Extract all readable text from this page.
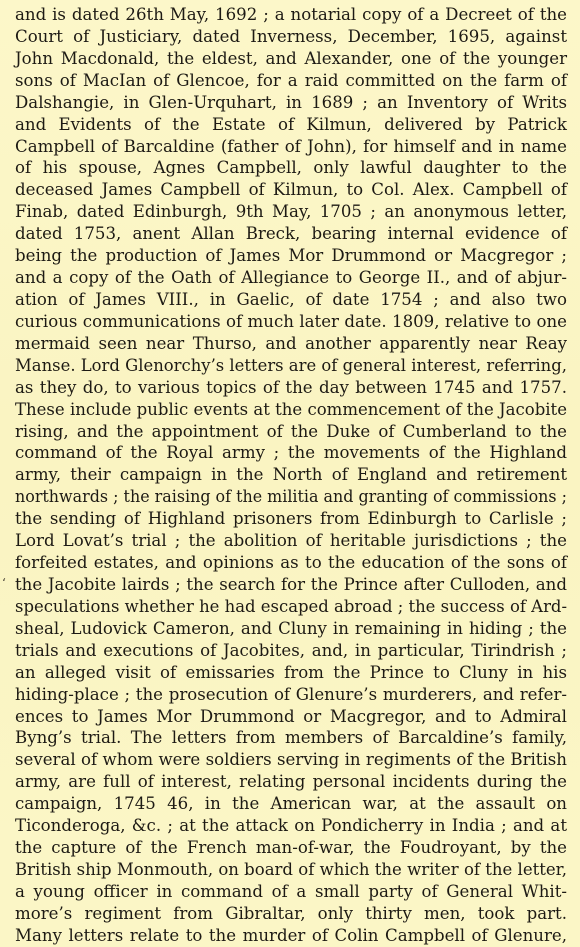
‘
and is dated 26th May, 1692 ; a notarial copy of a Decreet of the
Court of Justiciary, dated Inverness, December, 1695, against
John Macdonald, the eldest, and Alexander, one of the younger
sons of MacIan of Glencoe, for a raid committed on the farm of
Dalshangie, in Glen-Urquhart, in 1689 ; an Inventory of Writs
and Evidents of the Estate of Kilmun, delivered by Patrick
Campbell of Barcaldine (father of John), for himself and in name
of his spouse, Agnes Campbell, only lawful daughter to the
deceased James Campbell of Kilmun, to Col. Alex. Campbell of
Finab, dated Edinburgh, 9th May, 1705 ; an anonymous letter,
dated 1753, anent Allan Breck, bearing internal evidence of
being the production of James Mor Drummond or Macgregor ;
and a copy of the Oath of Allegiance to George II., and of abjur-
ation of James VIII., in Gaelic, of date 1754 ; and also two
curious communications of much later date. 1809, relative to one
mermaid seen near Thurso, and another apparently near Reay
Manse. Lord Glenorchy’s letters are of general interest, referring,
as they do, to various topics of the day between 1745 and 1757.
These include public events at the commencement of the Jacobite
rising, and the appointment of the Duke of Cumberland to the
command of the Royal army ; the movements of the Highland
army, their campaign in the North of England and retirement
northwards ; the raising of the militia and granting of commissions ;
the sending of Highland prisoners from Edinburgh to Carlisle ;
Lord Lovat’s trial ; the abolition of heritable jurisdictions ; the
forfeited estates, and opinions as to the education of the sons of
the Jacobite lairds ; the search for the Prince after Culloden, and
speculations whether he had escaped abroad ; the success of Ard-
sheal, Ludovick Cameron, and Cluny in remaining in hiding ; the
trials and executions of Jacobites, and, in particular, Tirindrish ;
an alleged visit of emissaries from the Prince to Cluny in his
hiding-place ; the prosecution of Glenure’s murderers, and refer-
ences to James Mor Drummond or Macgregor, and to Admiral
Byng’s trial. The letters from members of Barcaldine’s family,
several of whom were soldiers serving in regiments of the British
army, are full of interest, relating personal incidents during the
campaign, 1745 46, in the American war, at the assault on
Ticonderoga, &c. ; at the attack on Pondicherry in India ; and at
the capture of the French man-of-war, the Foudroyant, by the
British ship Monmouth, on board of which the writer of the letter,
a young officer in command of a small party of General Whit-
more’s regiment from Gibraltar, only thirty men, took part.
Many letters relate to the murder of Colin Campbell of Glenure,
